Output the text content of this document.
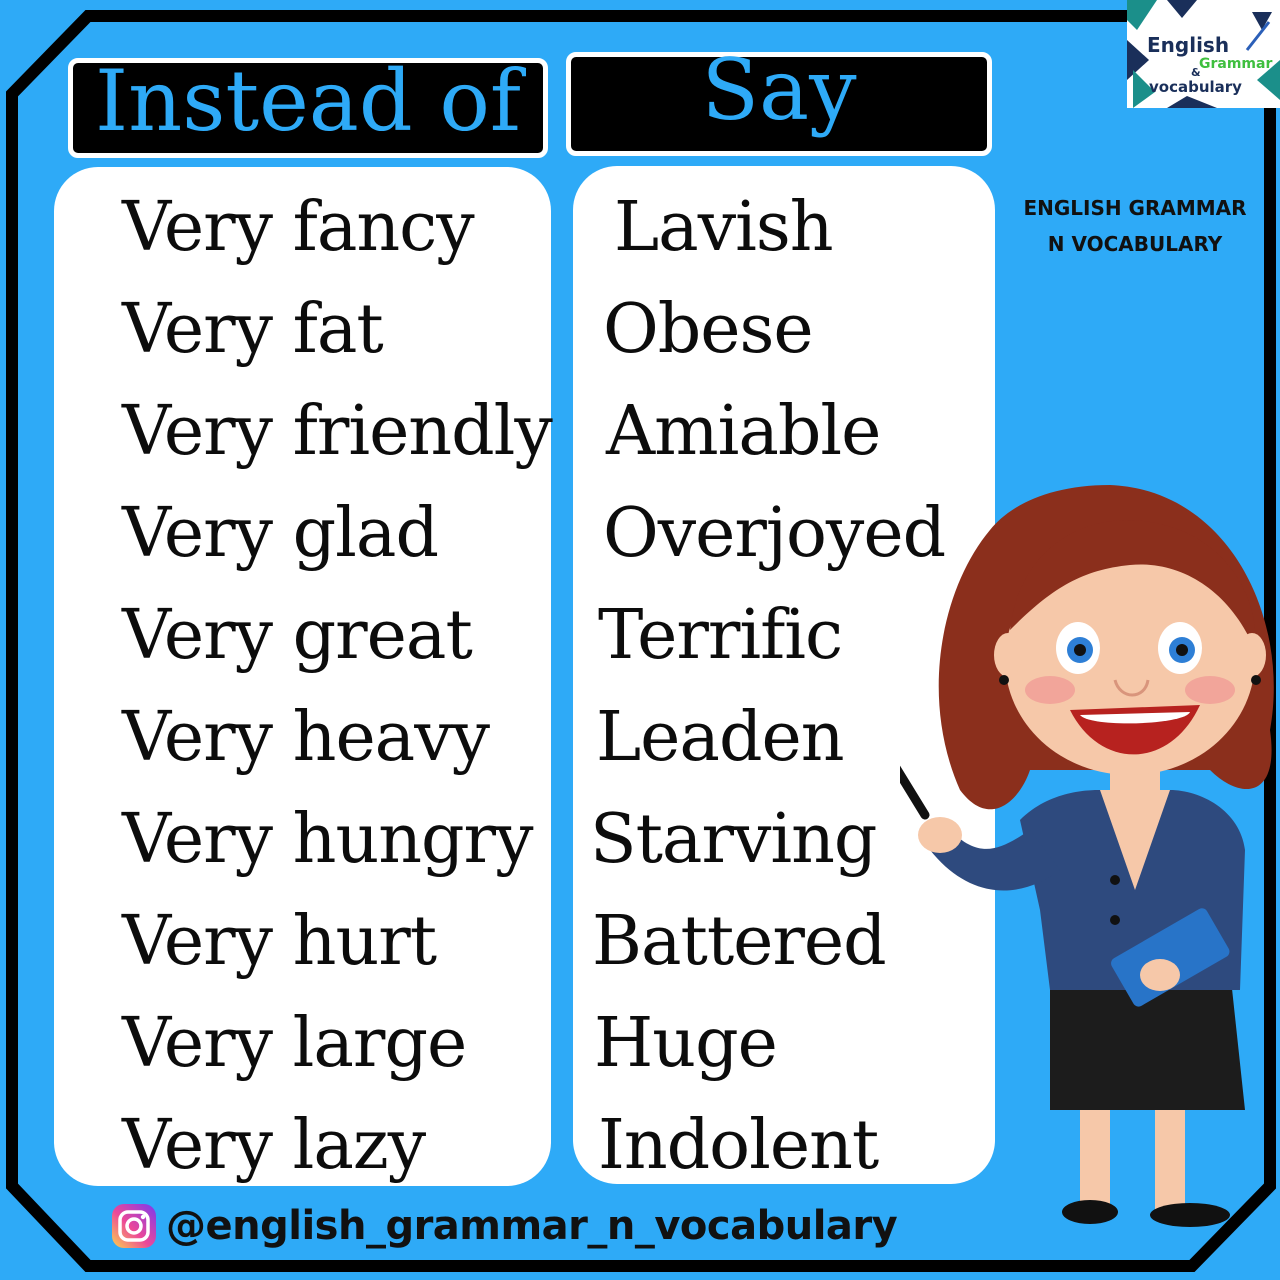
Instead of Say
Very fancy
Very fat
Very friendly
Very glad
Very great
Very heavy
Very hungry
Very hurt
Very large
Very lazy
Lavish
Obese
Amiable
Overjoyed
Terrific
Leaden
Starving
Battered
Huge
Indolent
ENGLISH GRAMMAR
N VOCABULARY
English
Grammar
&
vocabulary
@english_grammar_n_vocabulary
